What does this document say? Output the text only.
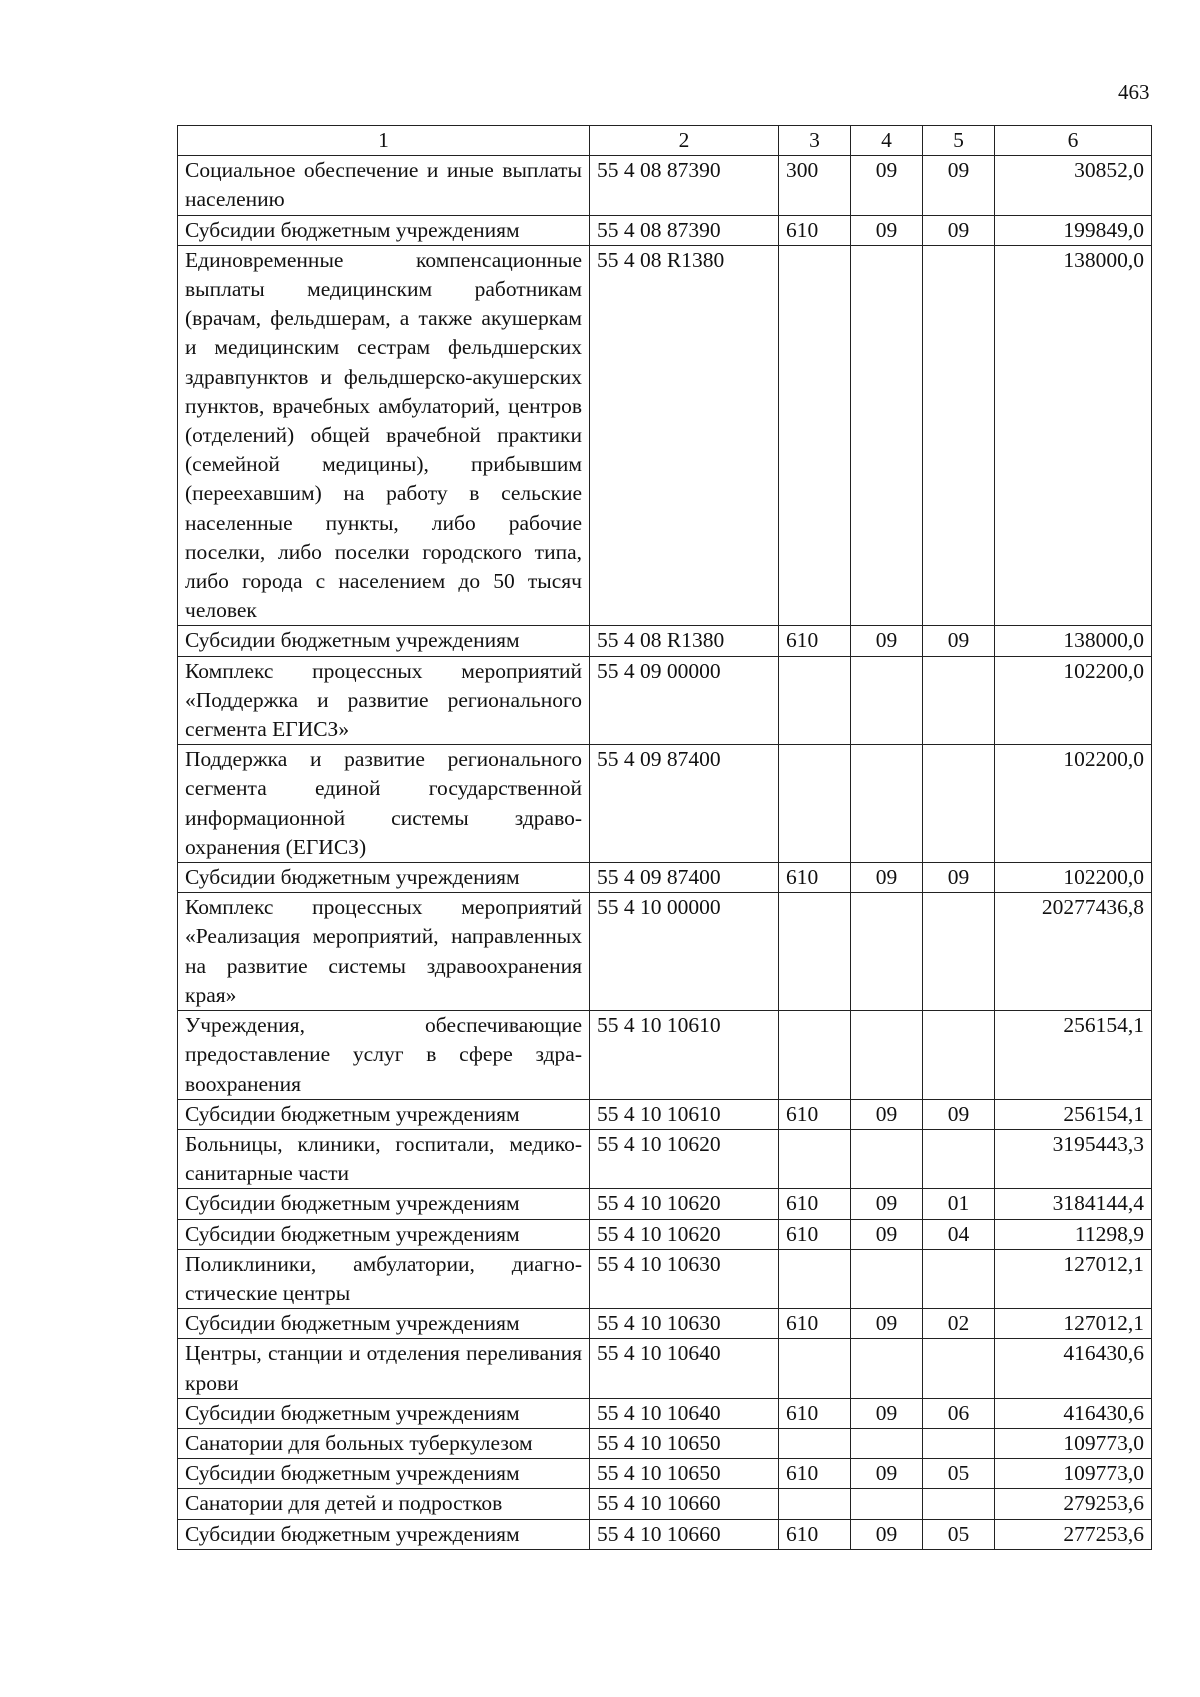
463
1	2	3	4	5	6
Социальное обеспечение и иные выплаты населению	55 4 08 87390	300	09	09	30852,0
Субсидии бюджетным учреждениям	55 4 08 87390	610	09	09	199849,0
Единовременные компенсационные выплаты медицинским работникам (врачам, фельдшерам, а также акушеркам и медицинским сестрам фельдшерских здравпунктов и фельдшерско-акушерских пунктов, врачебных амбулаторий, центров (отделений) общей врачебной практики (семейной медицины), прибывшим (переехавшим) на работу в сельские населенные пункты, либо рабочие поселки, либо поселки городского типа, либо города с населением до 50 тысяч человек	55 4 08 R1380				138000,0
Субсидии бюджетным учреждениям	55 4 08 R1380	610	09	09	138000,0
Комплекс процессных мероприятий «Поддержка и развитие регионального сегмента ЕГИСЗ»	55 4 09 00000				102200,0
Поддержка и развитие регионального сегмента единой государственной информационной системы здравоохранения (ЕГИСЗ)	55 4 09 87400				102200,0
Субсидии бюджетным учреждениям	55 4 09 87400	610	09	09	102200,0
Комплекс процессных мероприятий «Реализация мероприятий, направленных на развитие системы здравоохранения края»	55 4 10 00000				20277436,8
Учреждения, обеспечивающие предоставление услуг в сфере здравоохранения	55 4 10 10610				256154,1
Субсидии бюджетным учреждениям	55 4 10 10610	610	09	09	256154,1
Больницы, клиники, госпитали, медико-санитарные части	55 4 10 10620				3195443,3
Субсидии бюджетным учреждениям	55 4 10 10620	610	09	01	3184144,4
Субсидии бюджетным учреждениям	55 4 10 10620	610	09	04	11298,9
Поликлиники, амбулатории, диагностические центры	55 4 10 10630				127012,1
Субсидии бюджетным учреждениям	55 4 10 10630	610	09	02	127012,1
Центры, станции и отделения переливания крови	55 4 10 10640				416430,6
Субсидии бюджетным учреждениям	55 4 10 10640	610	09	06	416430,6
Санатории для больных туберкулезом	55 4 10 10650				109773,0
Субсидии бюджетным учреждениям	55 4 10 10650	610	09	05	109773,0
Санатории для детей и подростков	55 4 10 10660				279253,6
Субсидии бюджетным учреждениям	55 4 10 10660	610	09	05	277253,6
